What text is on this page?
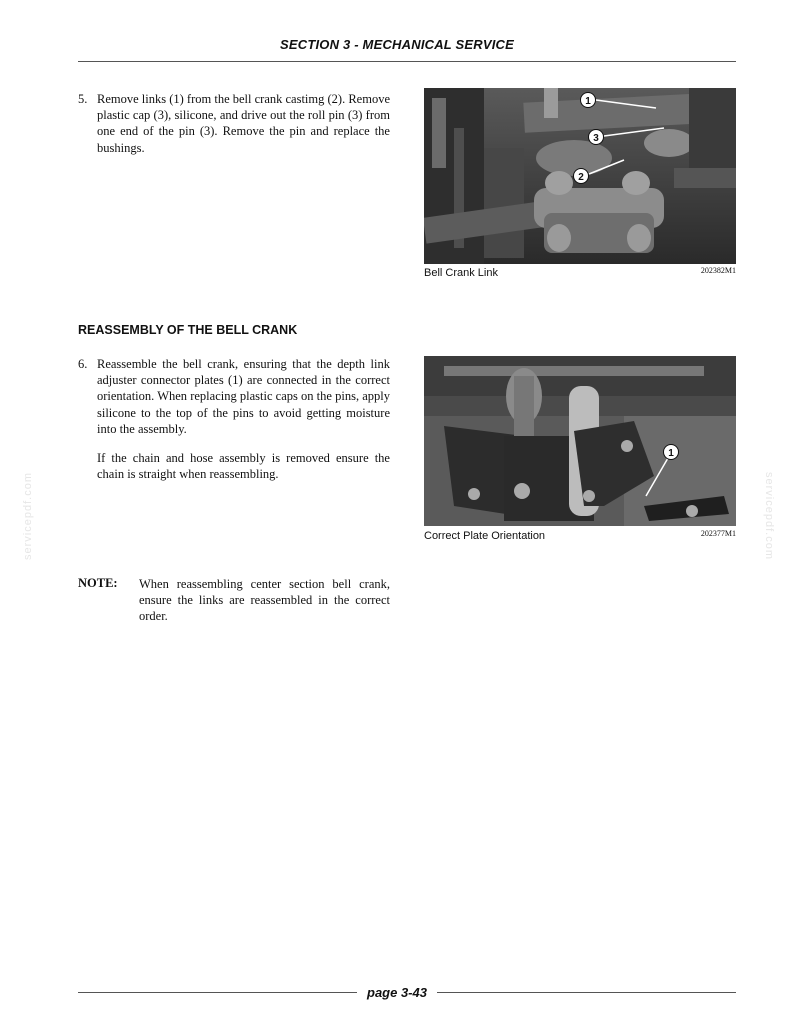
SECTION 3 - MECHANICAL SERVICE
5. Remove links (1) from the bell crank castimg (2). Remove plastic cap (3), silicone, and drive out the roll pin (3) from one end of the pin (3). Remove the pin and replace the bushings.
1
3
2
Bell Crank Link	202382M1
REASSEMBLY OF THE BELL CRANK
6. Reassemble the bell crank, ensuring that the depth link adjuster connector plates (1) are connected in the correct orientation. When replacing plastic caps on the pins, apply silicone to the top of the pins to avoid getting moisture into the assembly.
If the chain and hose assembly is removed ensure the chain is straight when reassembling.
1
Correct Plate Orientation	202377M1
NOTE: When reassembling center section bell crank, ensure the links are reassembled in the correct order.
servicepdf.com	servicepdf.com
page 3-43
